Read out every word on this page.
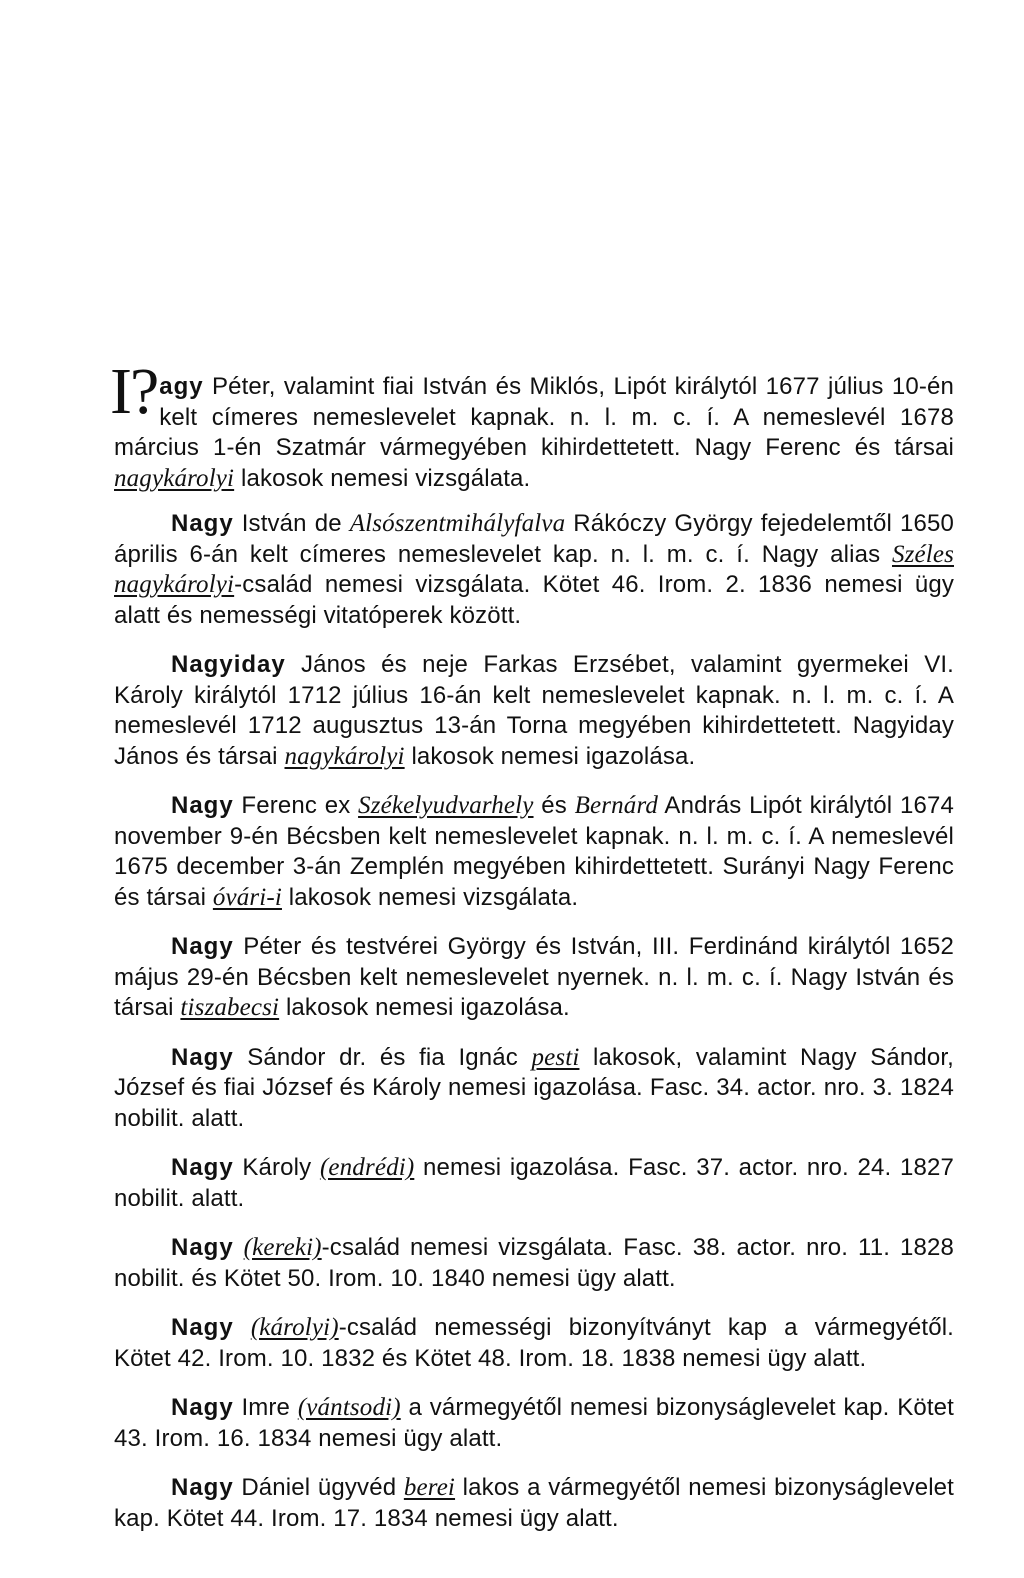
I? agy Péter, valamint fiai István és Miklós, Lipót királytól 1677 július 10-én kelt címeres nemeslevelet kapnak. n. l. m. c. í. A nemeslevél 1678 március 1-én Szatmár vármegyében kihirdettetett. Nagy Ferenc és társai nagykárolyi lakosok nemesi vizsgálata.

Nagy István de Alsószentmihályfalva Rákóczy György fejedelemtől 1650 április 6-án kelt címeres nemeslevelet kap. n. l. m. c. í. Nagy alias Széles nagykárolyi-család nemesi vizsgálata. Kötet 46. Irom. 2. 1836 nemesi ügy alatt és nemességi vitatóperek között.

Nagyiday János és neje Farkas Erzsébet, valamint gyermekei VI. Károly királytól 1712 július 16-án kelt nemeslevelet kapnak. n. l. m. c. í. A nemeslevél 1712 augusztus 13-án Torna megyében kihirdettetett. Nagyiday János és társai nagykárolyi lakosok nemesi igazolása.

Nagy Ferenc ex Székelyudvarhely és Bernárd András Lipót királytól 1674 november 9-én Bécsben kelt nemeslevelet kapnak. n. l. m. c. í. A nemeslevél 1675 december 3-án Zemplén megyében kihirdettetett. Surányi Nagy Ferenc és társai óvári-i lakosok nemesi vizsgálata.

Nagy Péter és testvérei György és István, III. Ferdinánd királytól 1652 május 29-én Bécsben kelt nemeslevelet nyernek. n. l. m. c. í. Nagy István és társai tiszabecsi lakosok nemesi igazolása.

Nagy Sándor dr. és fia Ignác pesti lakosok, valamint Nagy Sándor, József és fiai József és Károly nemesi igazolása. Fasc. 34. actor. nro. 3. 1824 nobilit. alatt.

Nagy Károly (endrédi) nemesi igazolása. Fasc. 37. actor. nro. 24. 1827 nobilit. alatt.

Nagy (kereki)-család nemesi vizsgálata. Fasc. 38. actor. nro. 11. 1828 nobilit. és Kötet 50. Irom. 10. 1840 nemesi ügy alatt.

Nagy (károlyi)-család nemességi bizonyítványt kap a vármegyétől. Kötet 42. Irom. 10. 1832 és Kötet 48. Irom. 18. 1838 nemesi ügy alatt.

Nagy Imre (vántsodi) a vármegyétől nemesi bizonyságlevelet kap. Kötet 43. Irom. 16. 1834 nemesi ügy alatt.

Nagy Dániel ügyvéd berei lakos a vármegyétől nemesi bizonyságlevelet kap. Kötet 44. Irom. 17. 1834 nemesi ügy alatt.
